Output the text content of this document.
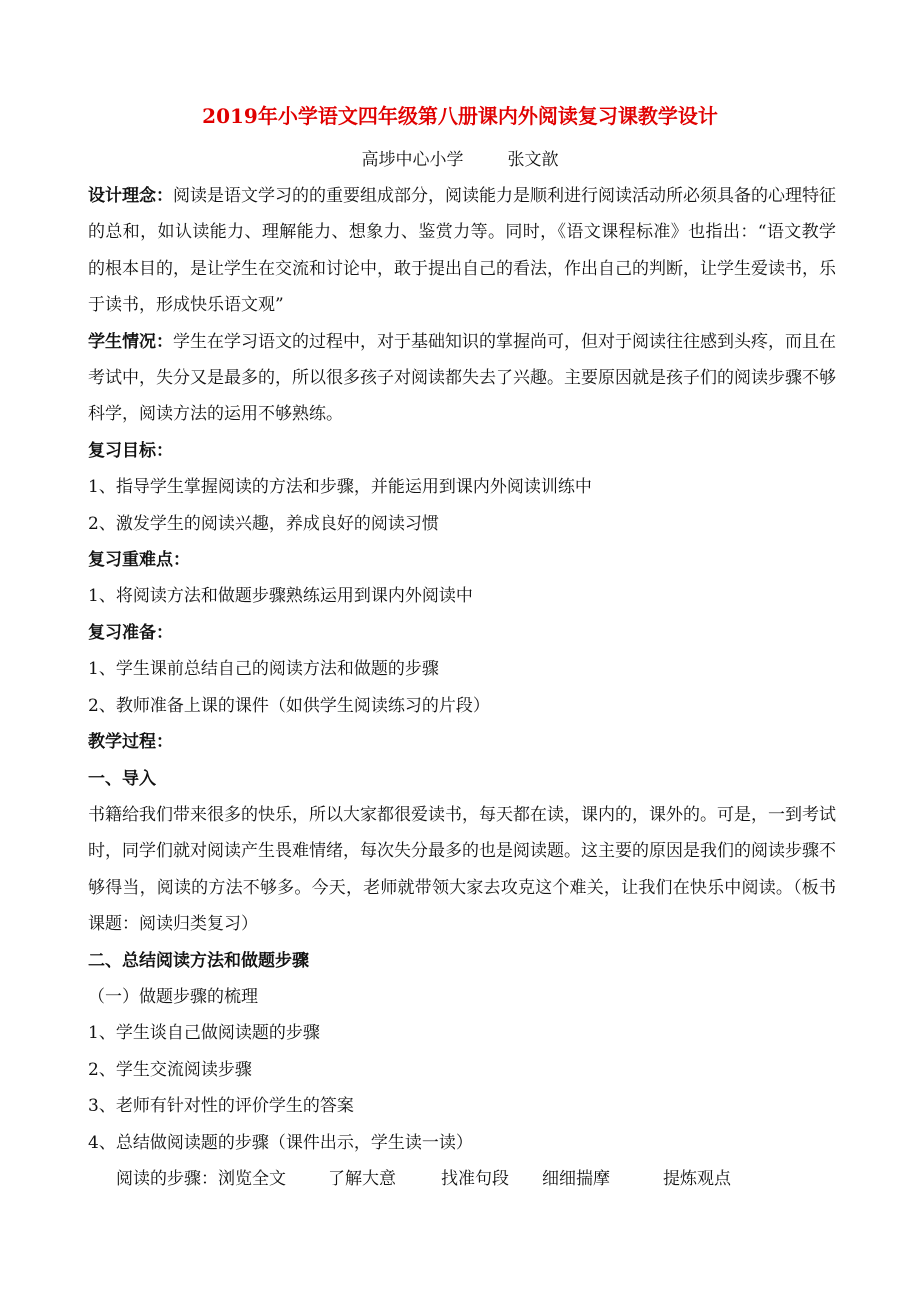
2019年小学语文四年级第八册课内外阅读复习课教学设计
高埗中心小学	张文歆

设计理念：阅读是语文学习的的重要组成部分，阅读能力是顺利进行阅读活动所必须具备的心理特征的总和，如认读能力、理解能力、想象力、鉴赏力等。同时，《语文课程标准》也指出：“语文教学的根本目的，是让学生在交流和讨论中，敢于提出自己的看法，作出自己的判断，让学生爱读书，乐于读书，形成快乐语文观”

学生情况：学生在学习语文的过程中，对于基础知识的掌握尚可，但对于阅读往往感到头疼，而且在考试中，失分又是最多的，所以很多孩子对阅读都失去了兴趣。主要原因就是孩子们的阅读步骤不够科学，阅读方法的运用不够熟练。

复习目标：

1、指导学生掌握阅读的方法和步骤，并能运用到课内外阅读训练中

2、激发学生的阅读兴趣，养成良好的阅读习惯

复习重难点：

1、将阅读方法和做题步骤熟练运用到课内外阅读中

复习准备：

1、学生课前总结自己的阅读方法和做题的步骤

2、教师准备上课的课件（如供学生阅读练习的片段）

教学过程：

一、导入

书籍给我们带来很多的快乐，所以大家都很爱读书，每天都在读，课内的，课外的。可是，一到考试时，同学们就对阅读产生畏难情绪，每次失分最多的也是阅读题。这主要的原因是我们的阅读步骤不够得当，阅读的方法不够多。今天，老师就带领大家去攻克这个难关，让我们在快乐中阅读。（板书课题：阅读归类复习）

二、总结阅读方法和做题步骤

（一）做题步骤的梳理

1、学生谈自己做阅读题的步骤

2、学生交流阅读步骤

3、老师有针对性的评价学生的答案

4、总结做阅读题的步骤（课件出示，学生读一读）

阅读的步骤：浏览全文 了解大意	找准句段 细细揣摩	提炼观点
